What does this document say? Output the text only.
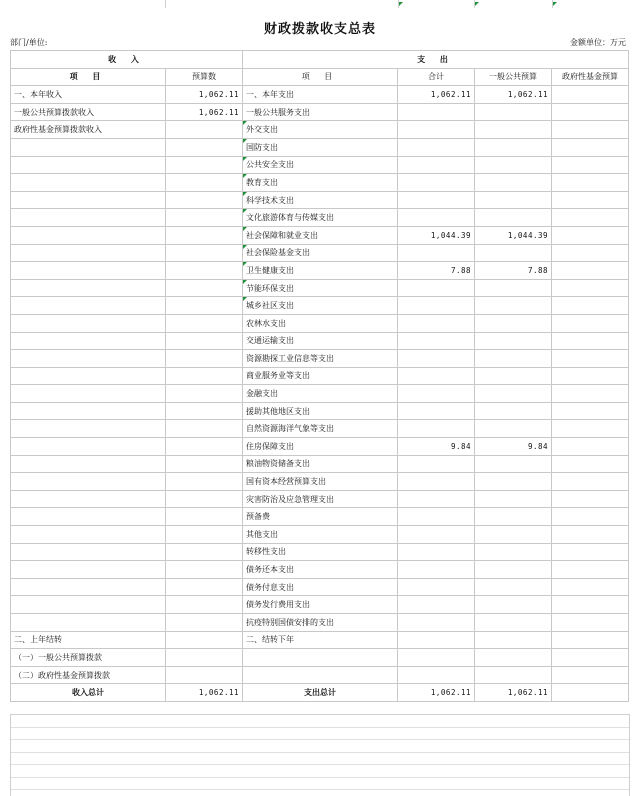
财政拨款收支总表
部门/单位:	金额单位：万元
收 入		支 出			
项 目	预算数	项 目	合计	一般公共预算	政府性基金预算
一、本年收入	1,062.11	一、本年支出	1,062.11	1,062.11	
一般公共预算拨款收入	1,062.11	一般公共服务支出			
政府性基金预算拨款收入		外交支出			
		国防支出			
		公共安全支出			
		教育支出			
		科学技术支出			
		文化旅游体育与传媒支出			
		社会保障和就业支出	1,044.39	1,044.39	
		社会保险基金支出			
		卫生健康支出	7.88	7.88	
		节能环保支出			
		城乡社区支出			
		农林水支出			
		交通运输支出			
		资源勘探工业信息等支出			
		商业服务业等支出			
		金融支出			
		援助其他地区支出			
		自然资源海洋气象等支出			
		住房保障支出	9.84	9.84	
		粮油物资储备支出			
		国有资本经营预算支出			
		灾害防治及应急管理支出			
		预备费			
		其他支出			
		转移性支出			
		债务还本支出			
		债务付息支出			
		债务发行费用支出			
		抗疫特别国债安排的支出			
二、上年结转		二、结转下年			
（一）一般公共预算拨款					
（二）政府性基金预算拨款					
收入总计	1,062.11	支出总计	1,062.11	1,062.11	
